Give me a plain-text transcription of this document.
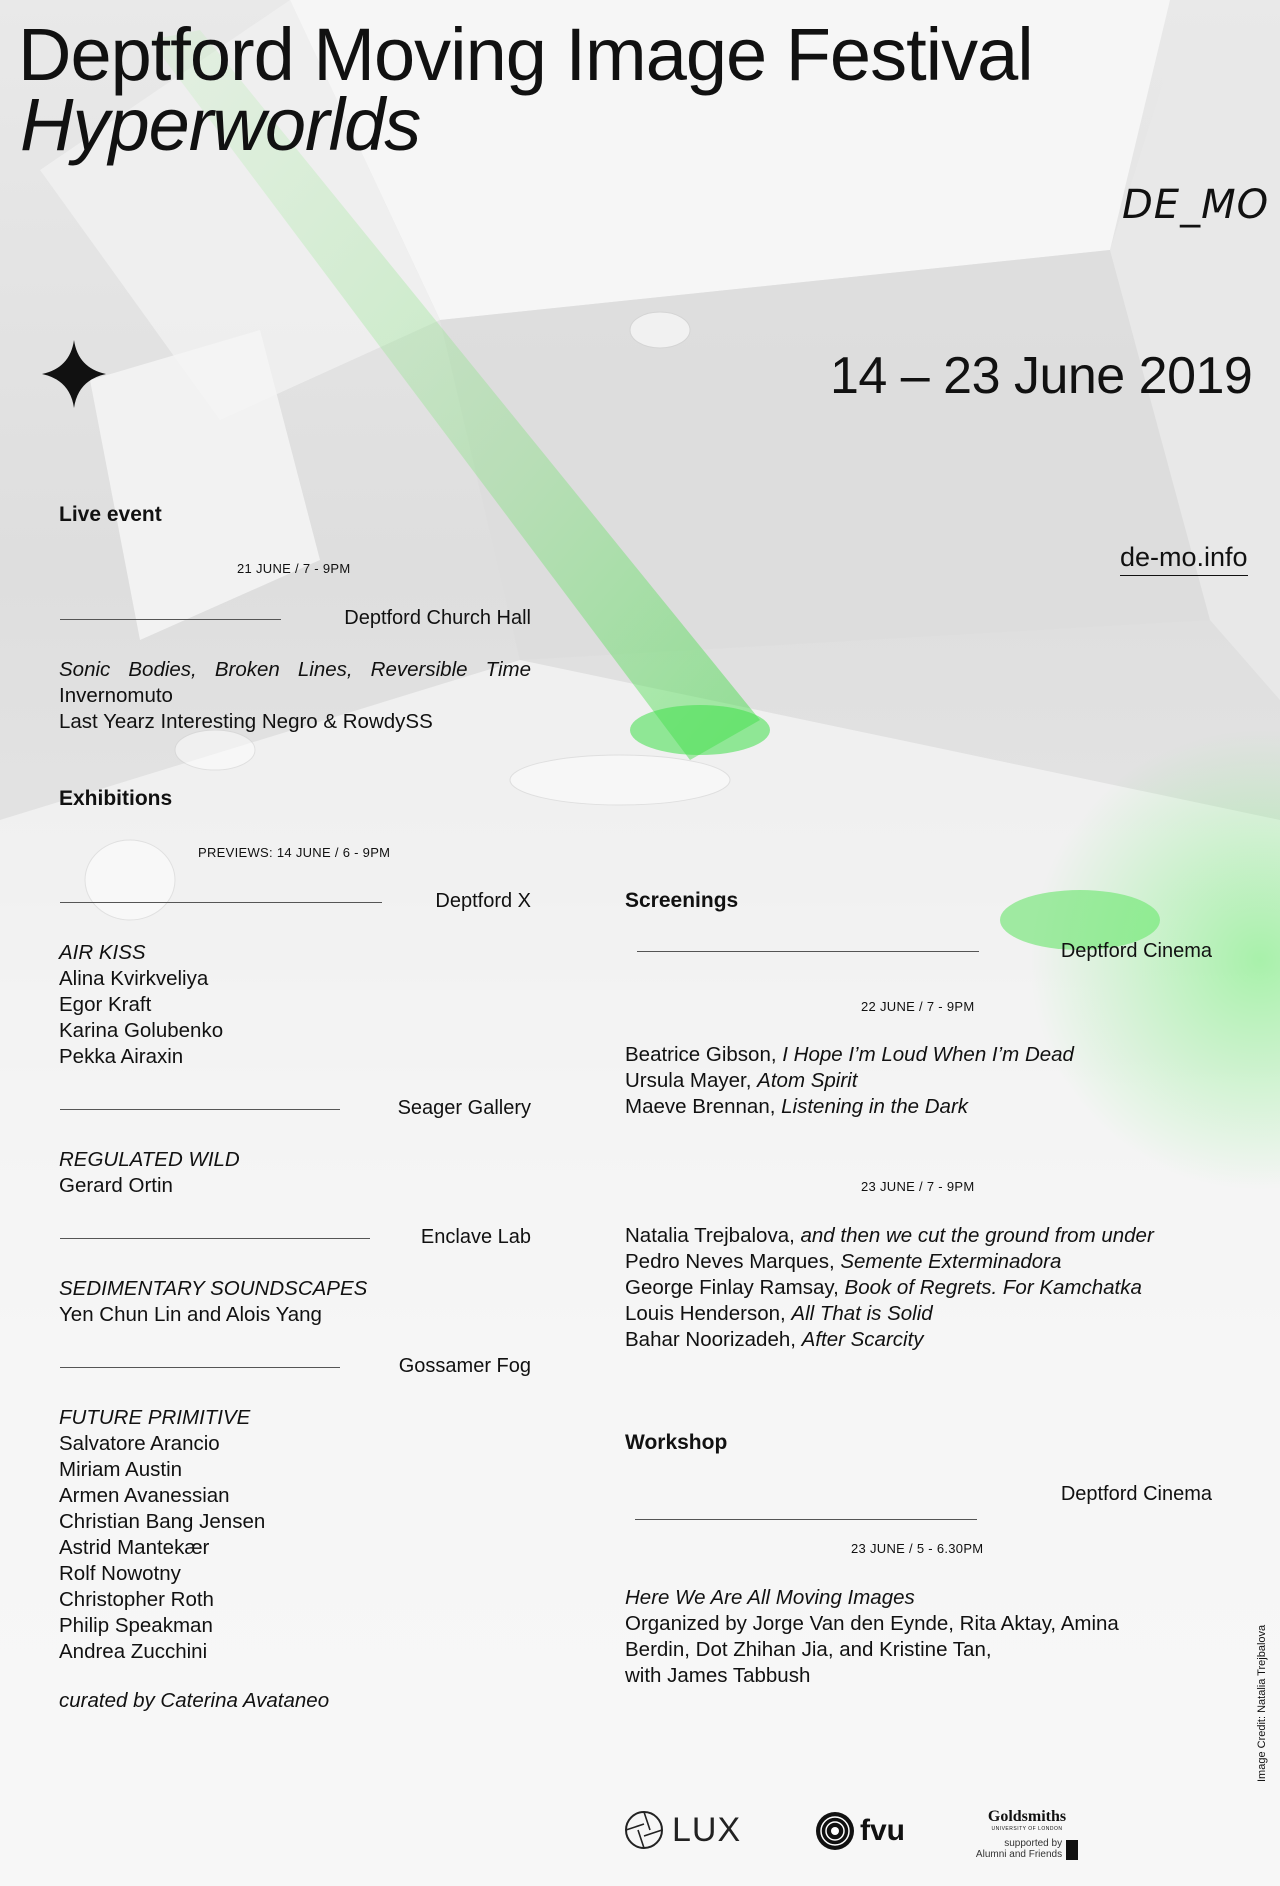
Deptford Moving Image Festival
Hyperworlds
DE_MO
14 – 23 June 2019
de-mo.info
Live event
21 JUNE / 7 - 9PM
Deptford Church Hall
Sonic Bodies, Broken Lines, Reversible Time
Invernomuto
Last Yearz Interesting Negro & RowdySS
Exhibitions
PREVIEWS: 14 JUNE / 6 - 9PM
Deptford X
AIR KISS
Alina Kvirkveliya
Egor Kraft
Karina Golubenko
Pekka Airaxin
Seager Gallery
REGULATED WILD
Gerard Ortin
Enclave Lab
SEDIMENTARY SOUNDSCAPES
Yen Chun Lin and Alois Yang
Gossamer Fog
FUTURE PRIMITIVE
Salvatore Arancio
Miriam Austin
Armen Avanessian
Christian Bang Jensen
Astrid Mantekær
Rolf Nowotny
Christopher Roth
Philip Speakman
Andrea Zucchini
curated by Caterina Avataneo
Screenings
Deptford Cinema
22 JUNE / 7 - 9PM
Beatrice Gibson, I Hope I’m Loud When I’m Dead
Ursula Mayer, Atom Spirit
Maeve Brennan, Listening in the Dark
23 JUNE / 7 - 9PM
Natalia Trejbalova, and then we cut the ground from under
Pedro Neves Marques, Semente Exterminadora
George Finlay Ramsay, Book of Regrets. For Kamchatka
Louis Henderson, All That is Solid
Bahar Noorizadeh, After Scarcity
Workshop
Deptford Cinema
23 JUNE / 5 - 6.30PM
Here We Are All Moving Images
Organized by Jorge Van den Eynde, Rita Aktay, Amina
Berdin, Dot Zhihan Jia, and Kristine Tan,
with James Tabbush	Image Credit: Natalia Trejbalova
LUX	fvu	Goldsmiths
UNIVERSITY OF LONDON
supported by
Alumni and Friends
